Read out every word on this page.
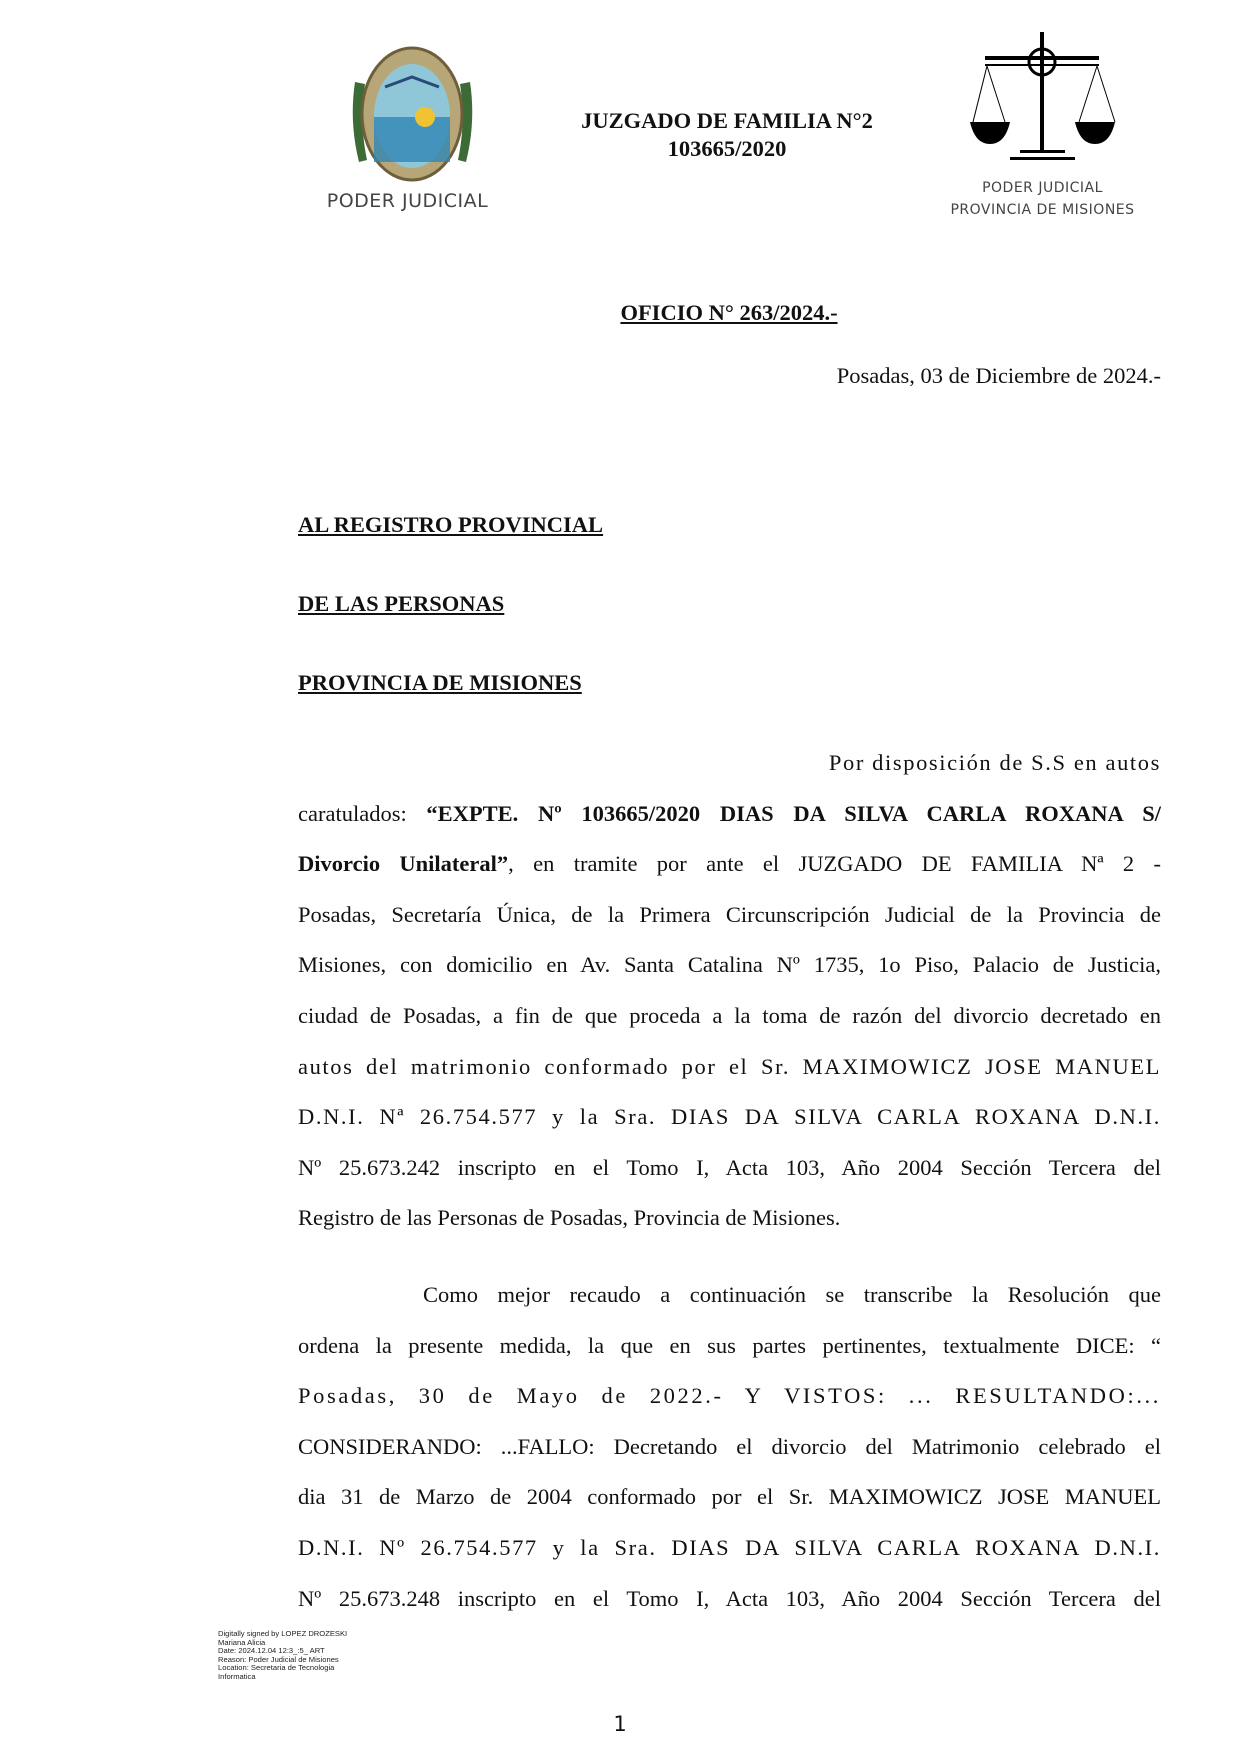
PODER JUDICIAL
JUZGADO DE FAMILIA N°2
103665/2020
PODER JUDICIAL
PROVINCIA DE MISIONES
OFICIO N° 263/2024.-
Posadas, 03 de Diciembre de 2024.-
AL REGISTRO PROVINCIAL
DE LAS PERSONAS
PROVINCIA DE MISIONES
Por disposición de S.S en autos
caratulados: “EXPTE. Nº 103665/2020 DIAS DA SILVA CARLA ROXANA S/
Divorcio Unilateral”, en tramite por ante el JUZGADO DE FAMILIA Nª 2 -
Posadas, Secretaría Única, de la Primera Circunscripción Judicial de la Provincia de
Misiones, con domicilio en Av. Santa Catalina Nº 1735, 1o Piso, Palacio de Justicia,
ciudad de Posadas, a fin de que proceda a la toma de razón del divorcio decretado en
autos del matrimonio conformado por el Sr. MAXIMOWICZ JOSE MANUEL
D.N.I. Nª 26.754.577 y la Sra. DIAS DA SILVA CARLA ROXANA D.N.I.
Nº 25.673.242 inscripto en el Tomo I, Acta 103, Año 2004 Sección Tercera del
Registro de las Personas de Posadas, Provincia de Misiones.
Como mejor recaudo a continuación se transcribe la Resolución que
ordena la presente medida, la que en sus partes pertinentes, textualmente DICE: “
Posadas, 30 de Mayo de 2022.- Y VISTOS: ... RESULTANDO:...
CONSIDERANDO: ...FALLO: Decretando el divorcio del Matrimonio celebrado el
dia 31 de Marzo de 2004 conformado por el Sr. MAXIMOWICZ JOSE MANUEL
D.N.I. Nº 26.754.577 y la Sra. DIAS DA SILVA CARLA ROXANA D.N.I.
Nº 25.673.248 inscripto en el Tomo I, Acta 103, Año 2004 Sección Tercera del
Digitally signed by LOPEZ DROZESKI
Mariana Alicia
Date: 2024.12.04 12:3_:5_ ART
Reason: Poder Judicial de Misiones
Location: Secretaria de Tecnologia
Informatica
1
